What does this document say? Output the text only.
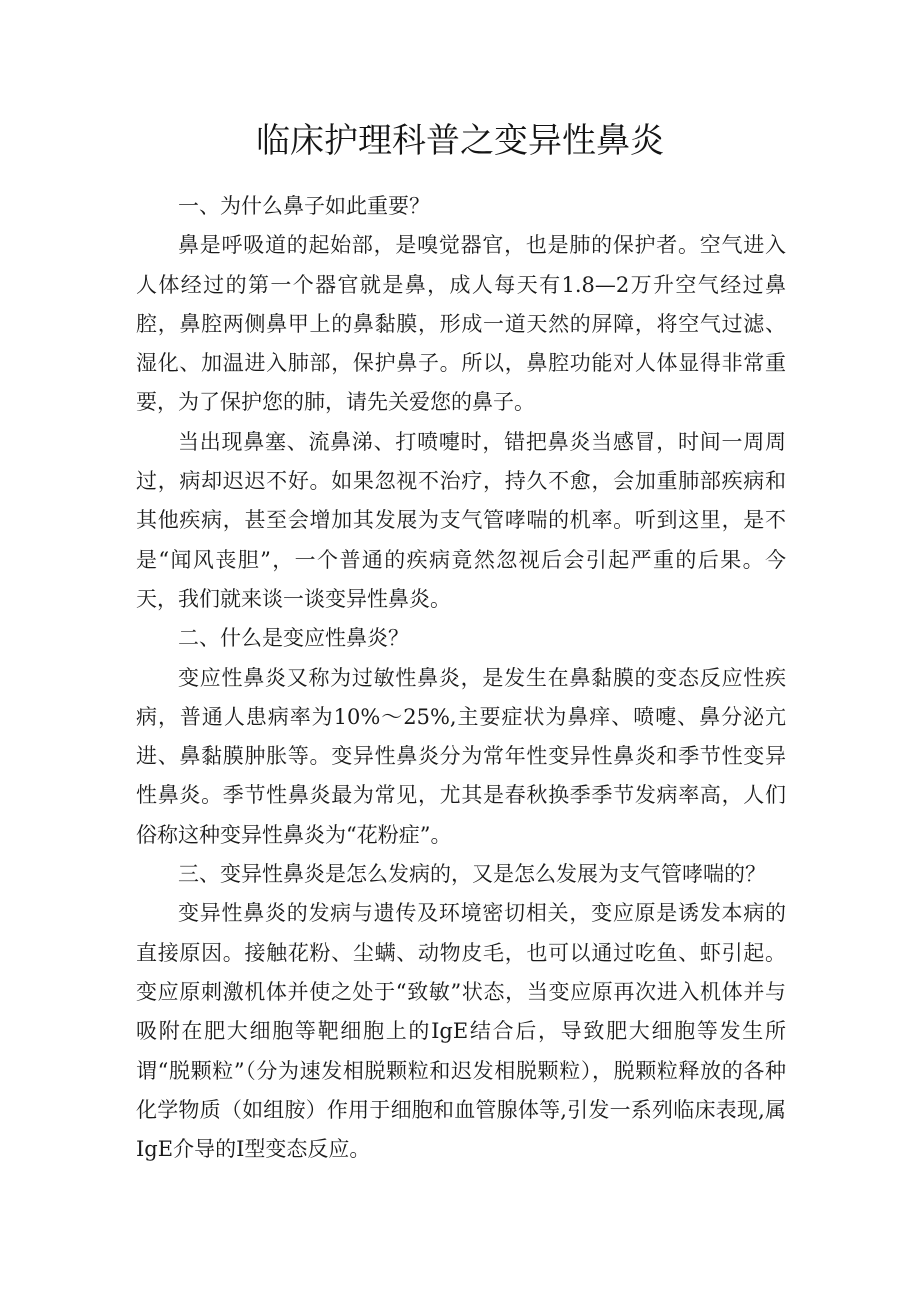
临床护理科普之变异性鼻炎

一、为什么鼻子如此重要？

鼻是呼吸道的起始部，是嗅觉器官，也是肺的保护者。空气进入人体经过的第一个器官就是鼻，成人每天有1.8—2万升空气经过鼻腔，鼻腔两侧鼻甲上的鼻黏膜，形成一道天然的屏障，将空气过滤、湿化、加温进入肺部，保护鼻子。所以，鼻腔功能对人体显得非常重要，为了保护您的肺，请先关爱您的鼻子。

当出现鼻塞、流鼻涕、打喷嚏时，错把鼻炎当感冒，时间一周周过，病却迟迟不好。如果忽视不治疗，持久不愈，会加重肺部疾病和其他疾病，甚至会增加其发展为支气管哮喘的机率。听到这里，是不是“闻风丧胆”，一个普通的疾病竟然忽视后会引起严重的后果。今天，我们就来谈一谈变异性鼻炎。

二、什么是变应性鼻炎？

变应性鼻炎又称为过敏性鼻炎，是发生在鼻黏膜的变态反应性疾病，普通人患病率为10%～25%,主要症状为鼻痒、喷嚏、鼻分泌亢进、鼻黏膜肿胀等。变异性鼻炎分为常年性变异性鼻炎和季节性变异性鼻炎。季节性鼻炎最为常见，尤其是春秋换季季节发病率高，人们俗称这种变异性鼻炎为“花粉症”。

三、变异性鼻炎是怎么发病的，又是怎么发展为支气管哮喘的？

变异性鼻炎的发病与遗传及环境密切相关，变应原是诱发本病的直接原因。接触花粉、尘螨、动物皮毛，也可以通过吃鱼、虾引起。变应原刺激机体并使之处于“致敏”状态，当变应原再次进入机体并与吸附在肥大细胞等靶细胞上的IgE结合后，导致肥大细胞等发生所谓“脱颗粒”（分为速发相脱颗粒和迟发相脱颗粒），脱颗粒释放的各种化学物质（如组胺）作用于细胞和血管腺体等,引发一系列临床表现,属IgE介导的I型变态反应。
